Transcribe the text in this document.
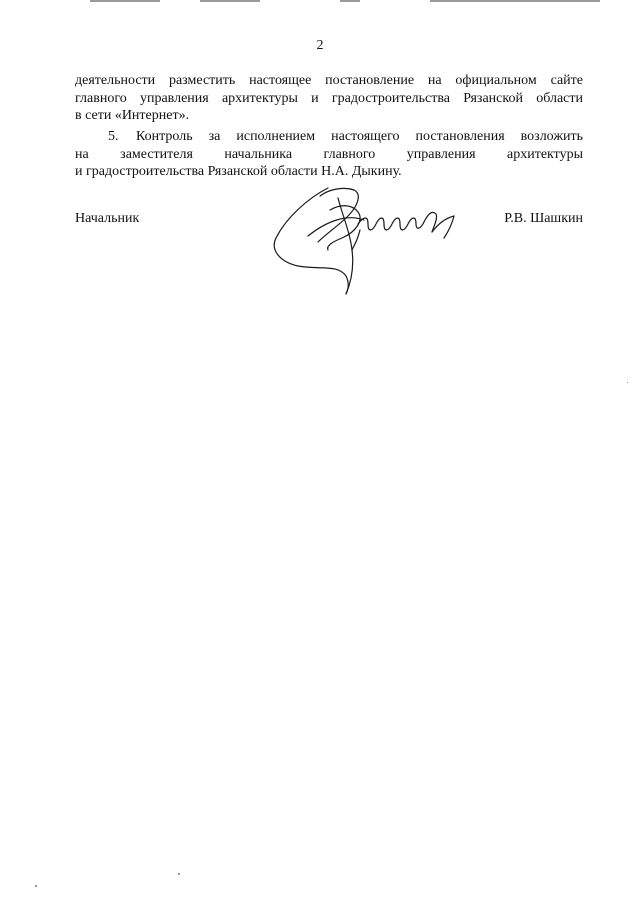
2
деятельности разместить настоящее постановление на официальном сайте
главного управления архитектуры и градостроительства Рязанской области
в сети «Интернет».
5.	Контроль за исполнением настоящего постановления возложить
на заместителя начальника главного управления архитектуры
и градостроительства Рязанской области Н.А. Дыкину.
Начальник	Р.В. Шашкин
